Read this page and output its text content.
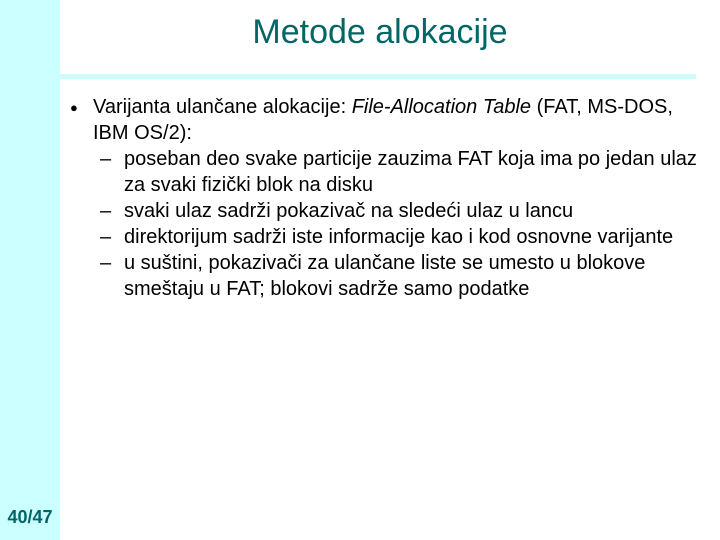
Metode alokacije
● Varijanta ulančane alokacije: File-Allocation Table (FAT, MS-DOS, IBM OS/2):
– poseban deo svake particije zauzima FAT koja ima po jedan ulaz za svaki fizički blok na disku
– svaki ulaz sadrži pokazivač na sledeći ulaz u lancu
– direktorijum sadrži iste informacije kao i kod osnovne varijante
– u suštini, pokazivači za ulančane liste se umesto u blokove smeštaju u FAT; blokovi sadrže samo podatke
40/47
